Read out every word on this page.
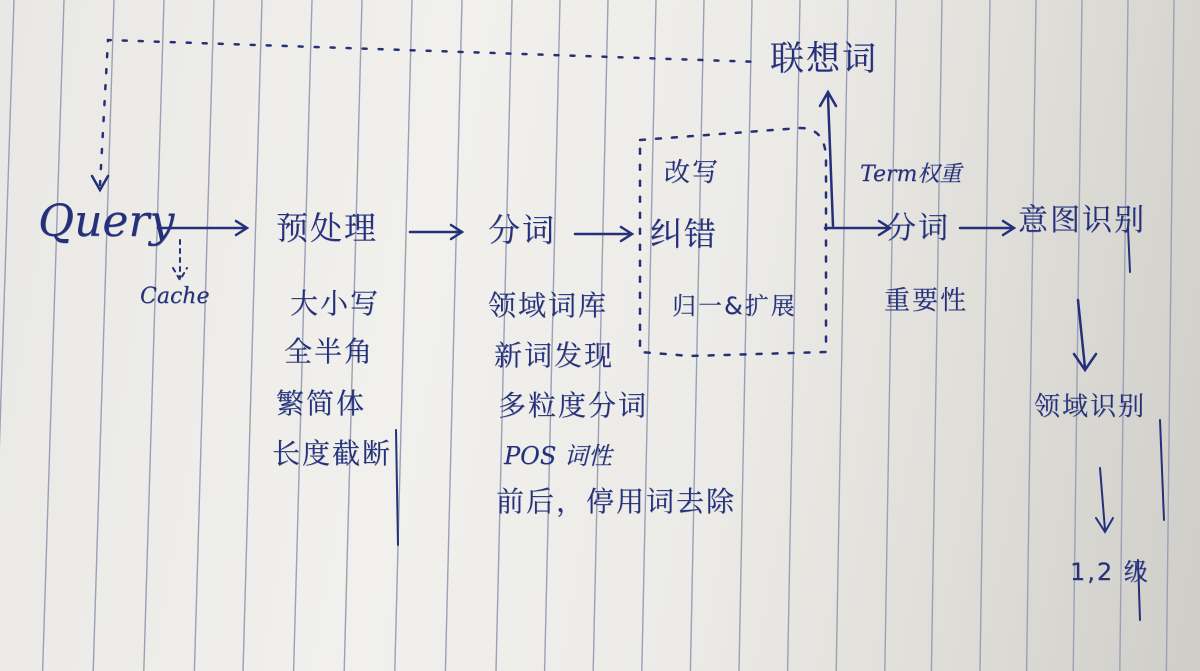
Query
Cache
预处理	分词
改写
纠错
归一&扩展
联想词
Term权重
分词
重要性
意图识别
领域识别
1,2 级
大小写
全半角
繁简体
长度截断
领域词库
新词发现
多粒度分词
POS 词性
前后，停用词去除
